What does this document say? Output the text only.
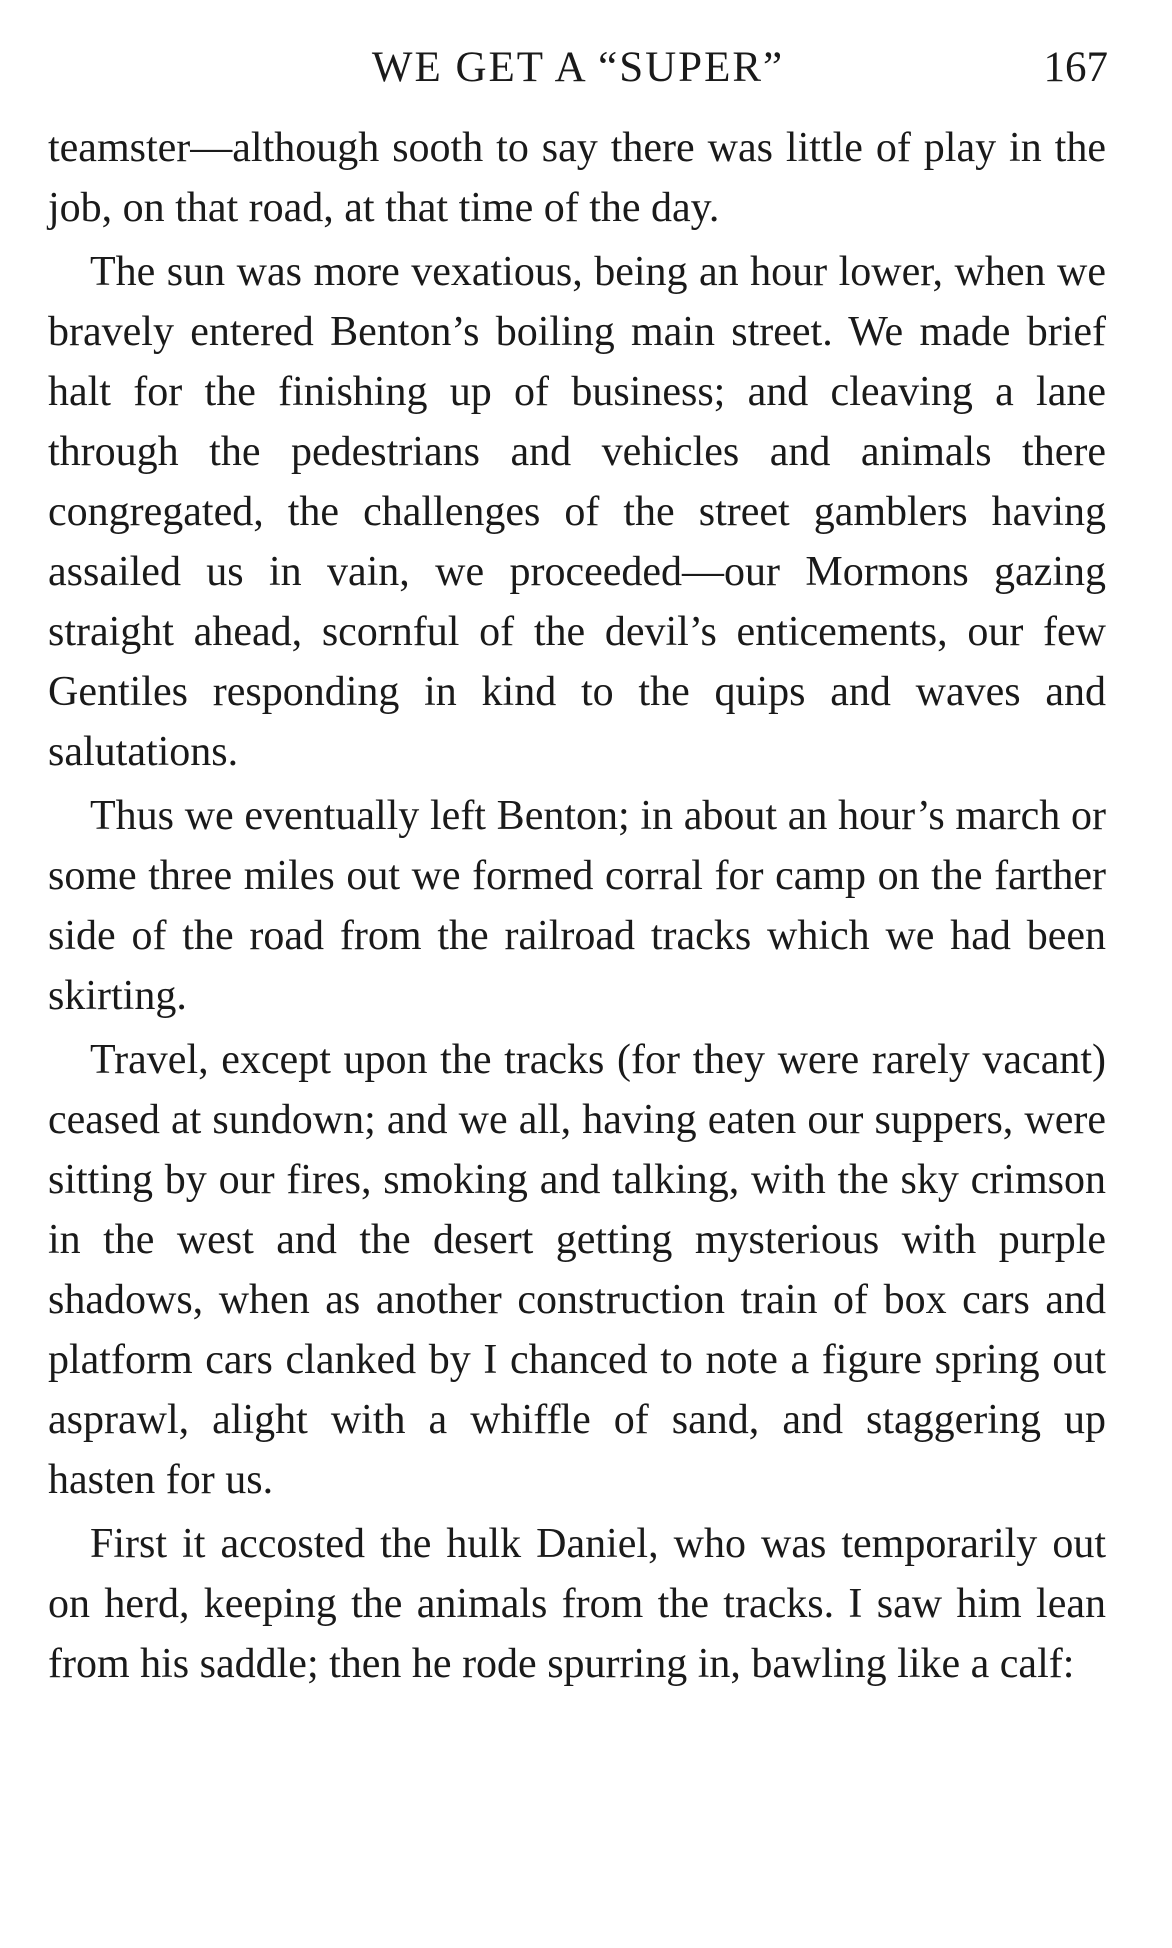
WE GET A “SUPER”	167

teamster—although sooth to say there was little of play in the job, on that road, at that time of the day.

The sun was more vexatious, being an hour lower, when we bravely entered Benton’s boiling main street. We made brief halt for the finishing up of business; and cleaving a lane through the pedestrians and vehicles and animals there congregated, the challenges of the street gamblers having assailed us in vain, we proceeded—our Mormons gazing straight ahead, scornful of the devil’s enticements, our few Gentiles responding in kind to the quips and waves and salutations.

Thus we eventually left Benton; in about an hour’s march or some three miles out we formed corral for camp on the farther side of the road from the railroad tracks which we had been skirting.

Travel, except upon the tracks (for they were rarely vacant) ceased at sundown; and we all, having eaten our suppers, were sitting by our fires, smoking and talking, with the sky crimson in the west and the desert getting mysterious with purple shadows, when as another construction train of box cars and platform cars clanked by I chanced to note a figure spring out asprawl, alight with a whiffle of sand, and staggering up hasten for us.

First it accosted the hulk Daniel, who was temporarily out on herd, keeping the animals from the tracks. I saw him lean from his saddle; then he rode spurring in, bawling like a calf:
